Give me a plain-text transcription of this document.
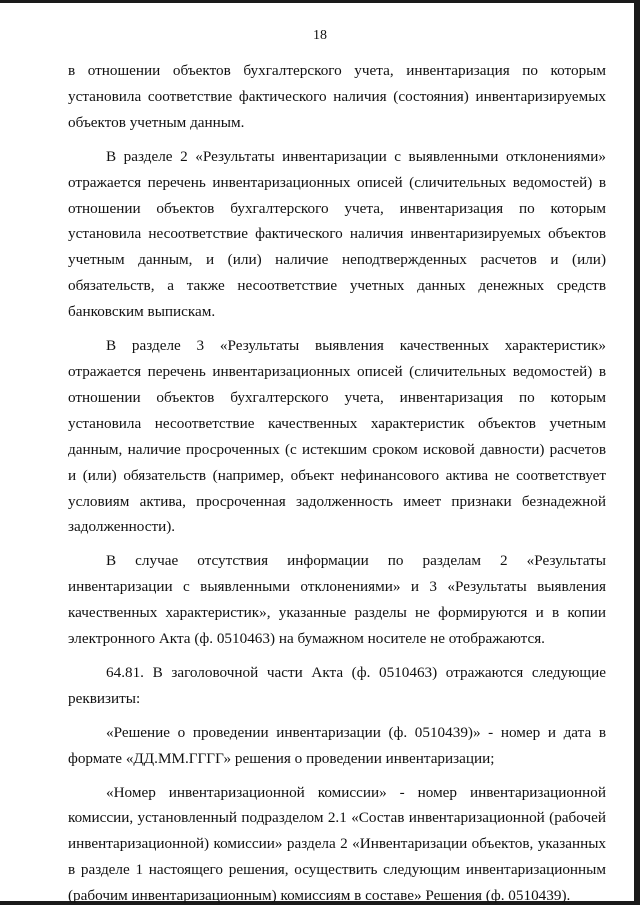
18

в отношении объектов бухгалтерского учета, инвентаризация по которым установила соответствие фактического наличия (состояния) инвентаризируемых объектов учетным данным.

В разделе 2 «Результаты инвентаризации с выявленными отклонениями» отражается перечень инвентаризационных описей (сличительных ведомостей) в отношении объектов бухгалтерского учета, инвентаризация по которым установила несоответствие фактического наличия инвентаризируемых объектов учетным данным, и (или) наличие неподтвержденных расчетов и (или) обязательств, а также несоответствие учетных данных денежных средств банковским выпискам.

В разделе 3 «Результаты выявления качественных характеристик» отражается перечень инвентаризационных описей (сличительных ведомостей) в отношении объектов бухгалтерского учета, инвентаризация по которым установила несоответствие качественных характеристик объектов учетным данным, наличие просроченных (с истекшим сроком исковой давности) расчетов и (или) обязательств (например, объект нефинансового актива не соответствует условиям актива, просроченная задолженность имеет признаки безнадежной задолженности).

В случае отсутствия информации по разделам 2 «Результаты инвентаризации с выявленными отклонениями» и 3 «Результаты выявления качественных характеристик», указанные разделы не формируются и в копии электронного Акта (ф. 0510463) на бумажном носителе не отображаются.

64.81. В заголовочной части Акта (ф. 0510463) отражаются следующие реквизиты:

«Решение о проведении инвентаризации (ф. 0510439)» - номер и дата в формате «ДД.ММ.ГГГГ» решения о проведении инвентаризации;

«Номер инвентаризационной комиссии» - номер инвентаризационной комиссии, установленный подразделом 2.1 «Состав инвентаризационной (рабочей инвентаризационной) комиссии» раздела 2 «Инвентаризации объектов, указанных в разделе 1 настоящего решения, осуществить следующим инвентаризационным (рабочим инвентаризационным) комиссиям в составе» Решения (ф. 0510439).
